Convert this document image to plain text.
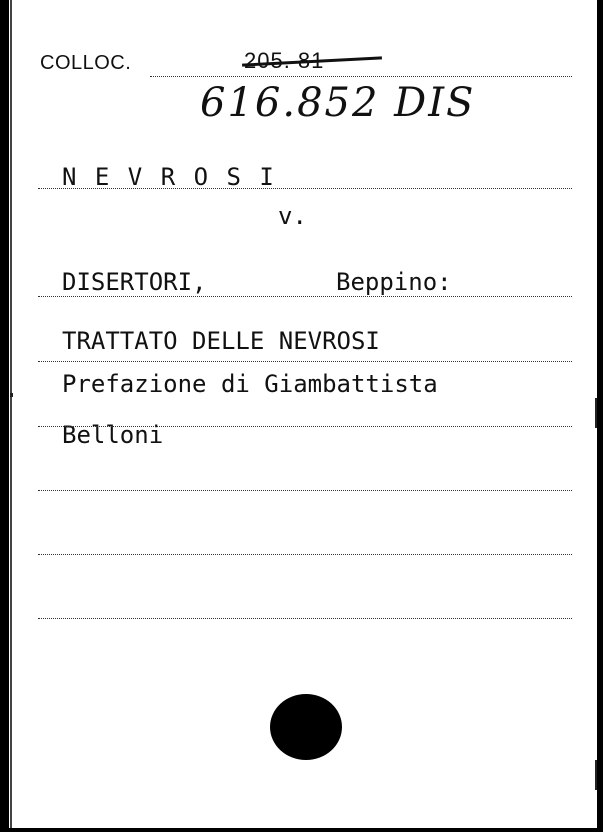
COLLOC.	205. 81
616.852 DIS
N E V R O S I
v.
DISERTORI,	Beppino:
TRATTATO DELLE NEVROSI
Prefazione di Giambattista
Belloni
